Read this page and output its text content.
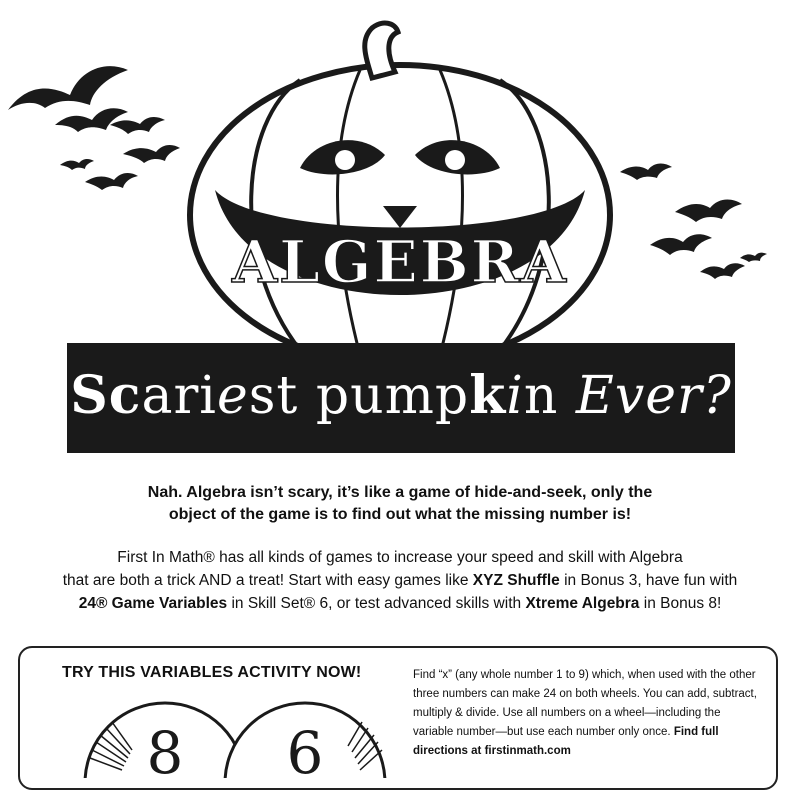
ALGEBRA
Scariest pumpkin Ever?
Nah. Algebra isn’t scary, it’s like a game of hide-and-seek, only the
object of the game is to find out what the missing number is!
First In Math® has all kinds of games to increase your speed and skill with Algebra
that are both a trick AND a treat! Start with easy games like XYZ Shuffle in Bonus 3, have fun with
24® Game Variables in Skill Set® 6, or test advanced skills with Xtreme Algebra in Bonus 8!
TRY THIS VARIABLES ACTIVITY NOW!	Find “x” (any whole number 1 to 9) which, when used with the other three numbers can make 24 on both wheels. You can add, subtract, multiply & divide. Use all numbers on a wheel—including the variable number—but use each number only once. Find full directions at firstinmath.com
8 6
